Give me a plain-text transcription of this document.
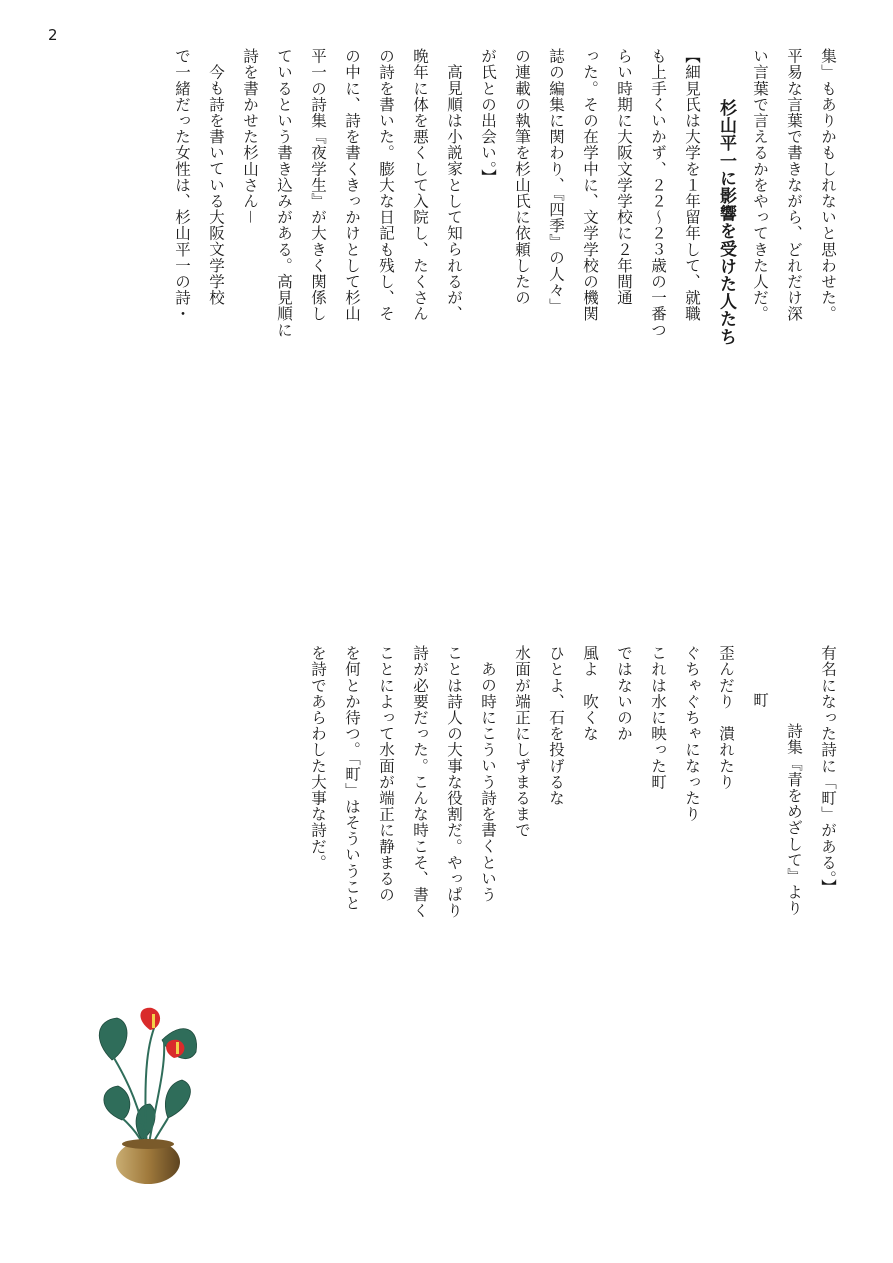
2

集」もありかもしれないと思わせた。

平易な言葉で書きながら、どれだけ深

い言葉で言えるかをやってきた人だ。

杉山平一に影響を受けた人たち

【細見氏は大学を１年留年して、就職

も上手くいかず、２２～２３歳の一番つ

らい時期に大阪文学学校に２年間通

った。その在学中に、文学学校の機関

誌の編集に関わり、『四季』の人々」

の連載の執筆を杉山氏に依頼したの

が氏との出会い。】

高見順は小説家として知られるが、

晩年に体を悪くして入院し、たくさん

の詩を書いた。膨大な日記も残し、そ

の中に、詩を書くきっかけとして杉山

平一の詩集『夜学生』が大きく関係し

ているという書き込みがある。高見順に

詩を書かせた杉山さん－

今も詩を書いている大阪文学学校

で一緒だった女性は、杉山平一の詩・

有名になった詩に「町」がある。】

詩集『青をめざして』より

町

歪んだり　潰れたり

ぐちゃぐちゃになったり

これは水に映った町

ではないのか

風よ　吹くな

ひとよ、石を投げるな

水面が端正にしずまるまで

あの時にこういう詩を書くという

ことは詩人の大事な役割だ。やっぱり

詩が必要だった。こんな時こそ、書く

ことによって水面が端正に静まるの

を何とか待つ。「町」はそういうこと

を詩であらわした大事な詩だ。
